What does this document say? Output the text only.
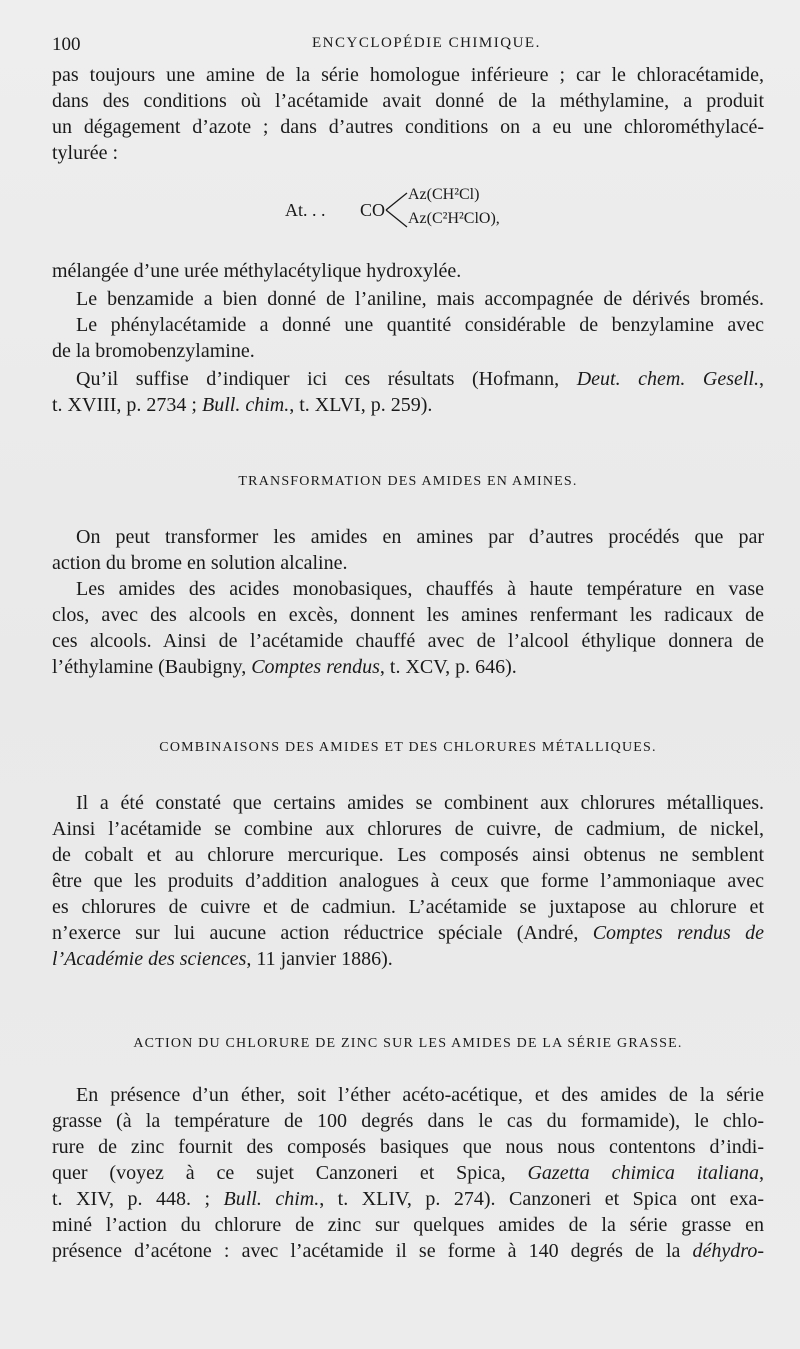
100	ENCYCLOPÉDIE CHIMIQUE.
pas toujours une amine de la série homologue inférieure ; car le chloracétamide,
dans des conditions où l’acétamide avait donné de la méthylamine, a produit
un dégagement d’azote ; dans d’autres conditions on a eu une chlorométhylacé-
tylurée :
At. . . CO
Az(CH²Cl)
Az(C²H²ClO),
mélangée d’une urée méthylacétylique hydroxylée.
Le benzamide a bien donné de l’aniline, mais accompagnée de dérivés bromés.
Le phénylacétamide a donné une quantité considérable de benzylamine avec
de la bromobenzylamine.
Qu’il suffise d’indiquer ici ces résultats (Hofmann, Deut. chem. Gesell.,
t. XVIII, p. 2734 ; Bull. chim., t. XLVI, p. 259).
TRANSFORMATION DES AMIDES EN AMINES.
On peut transformer les amides en amines par d’autres procédés que par
action du brome en solution alcaline.
Les amides des acides monobasiques, chauffés à haute température en vase
clos, avec des alcools en excès, donnent les amines renfermant les radicaux de
ces alcools. Ainsi de l’acétamide chauffé avec de l’alcool éthylique donnera de
l’éthylamine (Baubigny, Comptes rendus, t. XCV, p. 646).
COMBINAISONS DES AMIDES ET DES CHLORURES MÉTALLIQUES.
Il a été constaté que certains amides se combinent aux chlorures métalliques.
Ainsi l’acétamide se combine aux chlorures de cuivre, de cadmium, de nickel,
de cobalt et au chlorure mercurique. Les composés ainsi obtenus ne semblent
être que les produits d’addition analogues à ceux que forme l’ammoniaque avec
es chlorures de cuivre et de cadmiun. L’acétamide se juxtapose au chlorure et
n’exerce sur lui aucune action réductrice spéciale (André, Comptes rendus de
l’Académie des sciences, 11 janvier 1886).
ACTION DU CHLORURE DE ZINC SUR LES AMIDES DE LA SÉRIE GRASSE.
En présence d’un éther, soit l’éther acéto-acétique, et des amides de la série
grasse (à la température de 100 degrés dans le cas du formamide), le chlo-
rure de zinc fournit des composés basiques que nous nous contentons d’indi-
quer (voyez à ce sujet Canzoneri et Spica, Gazetta chimica italiana,
t. XIV, p. 448. ; Bull. chim., t. XLIV, p. 274). Canzoneri et Spica ont exa-
miné l’action du chlorure de zinc sur quelques amides de la série grasse en
présence d’acétone : avec l’acétamide il se forme à 140 degrés de la déhydro-
